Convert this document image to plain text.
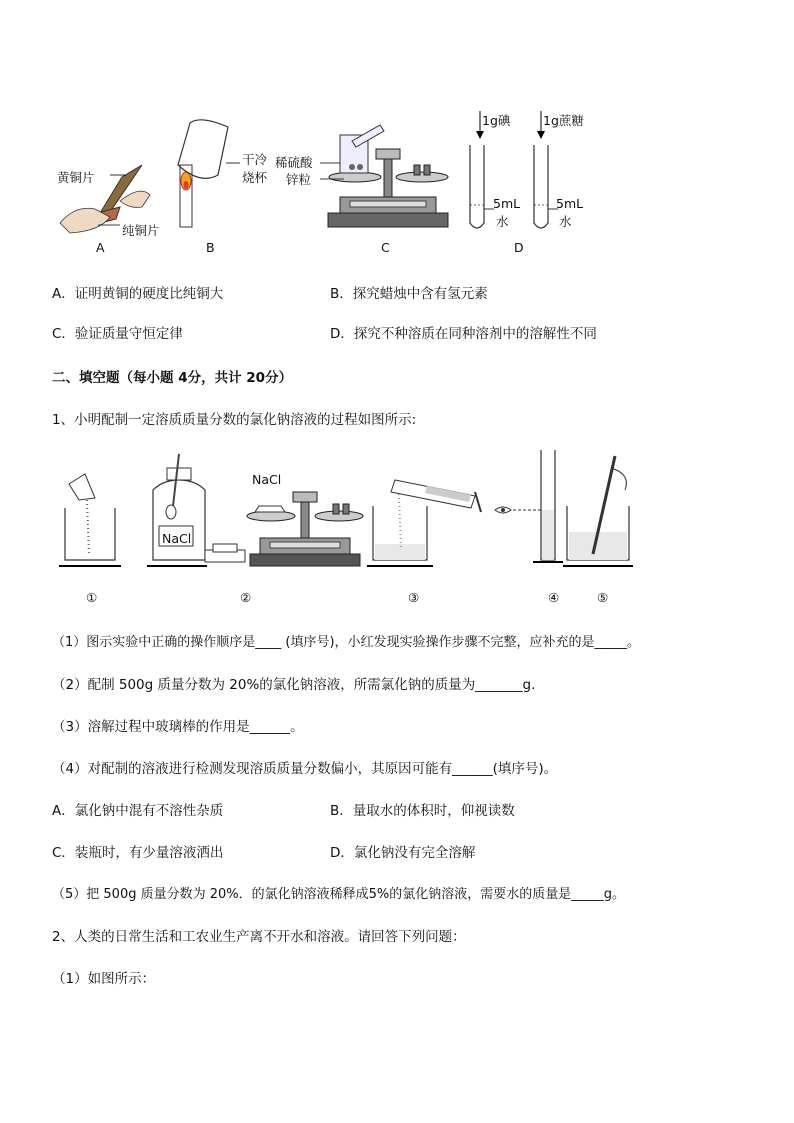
黄铜片
纯铜片
干冷
烧杯
稀硫酸
锌粒
1g碘	1g蔗糖
5mL
水
5mL
水
A	B	C	D
A．证明黄铜的硬度比纯铜大	B．探究蜡烛中含有氢元素
C．验证质量守恒定律	D．探究不种溶质在同种溶剂中的溶解性不同
二、填空题（每小题 4分，共计 20分）
1、小明配制一定溶质质量分数的氯化钠溶液的过程如图所示:
NaCl
NaCl
①	②	③	④	⑤
（1）图示实验中正确的操作顺序是____ (填序号)，小红发现实验操作步骤不完整，应补充的是_____。
（2）配制 500g 质量分数为 20%的氯化钠溶液，所需氯化钠的质量为_______g.
（3）溶解过程中玻璃棒的作用是______。
（4）对配制的溶液进行检测发现溶质质量分数偏小，其原因可能有______(填序号)。
A．氯化钠中混有不溶性杂质	B．量取水的体积时，仰视读数
C．装瓶时，有少量溶液洒出	D．氯化钠没有完全溶解
（5）把 500g 质量分数为 20%．的氯化钠溶液稀释成5%的氯化钠溶液，需要水的质量是_____g。
2、人类的日常生活和工农业生产离不开水和溶液。请回答下列问题：
（1）如图所示：
